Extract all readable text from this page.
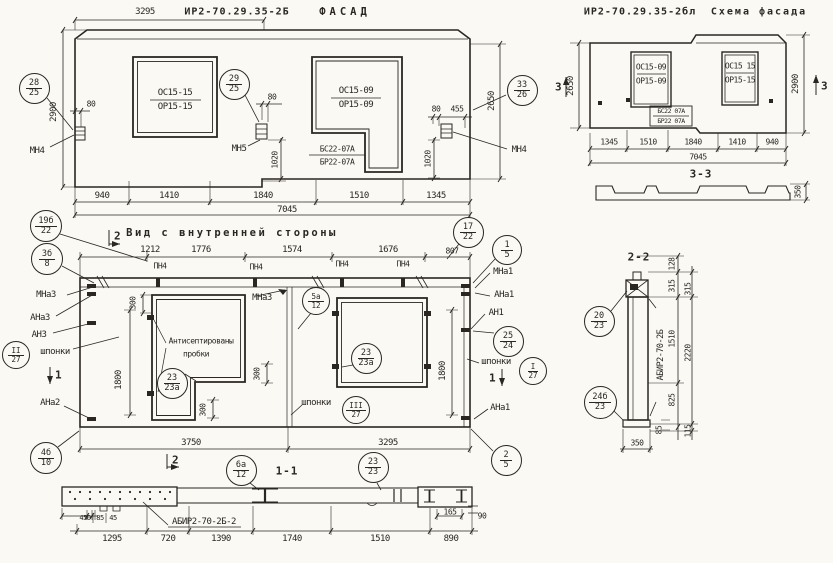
ИР2-70.29.35-2Б	ФАСАД	ИР2-70.29.35-2бл Схема фасада
Вид с внутренней стороны
1-1
2-2
3-3
3295
2900	80
80
80 455
МН4	МН5	МН4
ОС15-15
ОР15-15
ОС15-09
ОР15-09
БС22-07А
БР22-07А
1020	1020
2650
940	1410	1840	1510	1345
7045
2650
3	3
2900
ОС15-09
ОР15-09
ОС15 15
ОР15-15
БС22 07А
БР22 07А
1345	1510	1840	1410 940
7045
350
1212	1776	1574	1676	807
2
ПН4	ПН4	ПН4	ПН4
МНа3
АНа3
АН3
шпонки
АНа2
1
300
Антисептированы
пробки
1800
МНа3
300
300
шпонки
1800	шпонки
МНа1
АНа1
АН1
АНа1
1
3750	3295
2
450 85 45	АБИР2-70-2Б-2
1295	720	1390	1740	1510	890
165	90
128
315 315
1510
2220
825
115
85
350
АБИР2-70-2Б
28
25
29
25	33
26
19б
22
3б
8
II
27
4б
10
17
22
1
5
5а
12
23
23а
23
23а
III
27
I
27
25
24
2
5
6а
12
23
23
20
23
24б
23
